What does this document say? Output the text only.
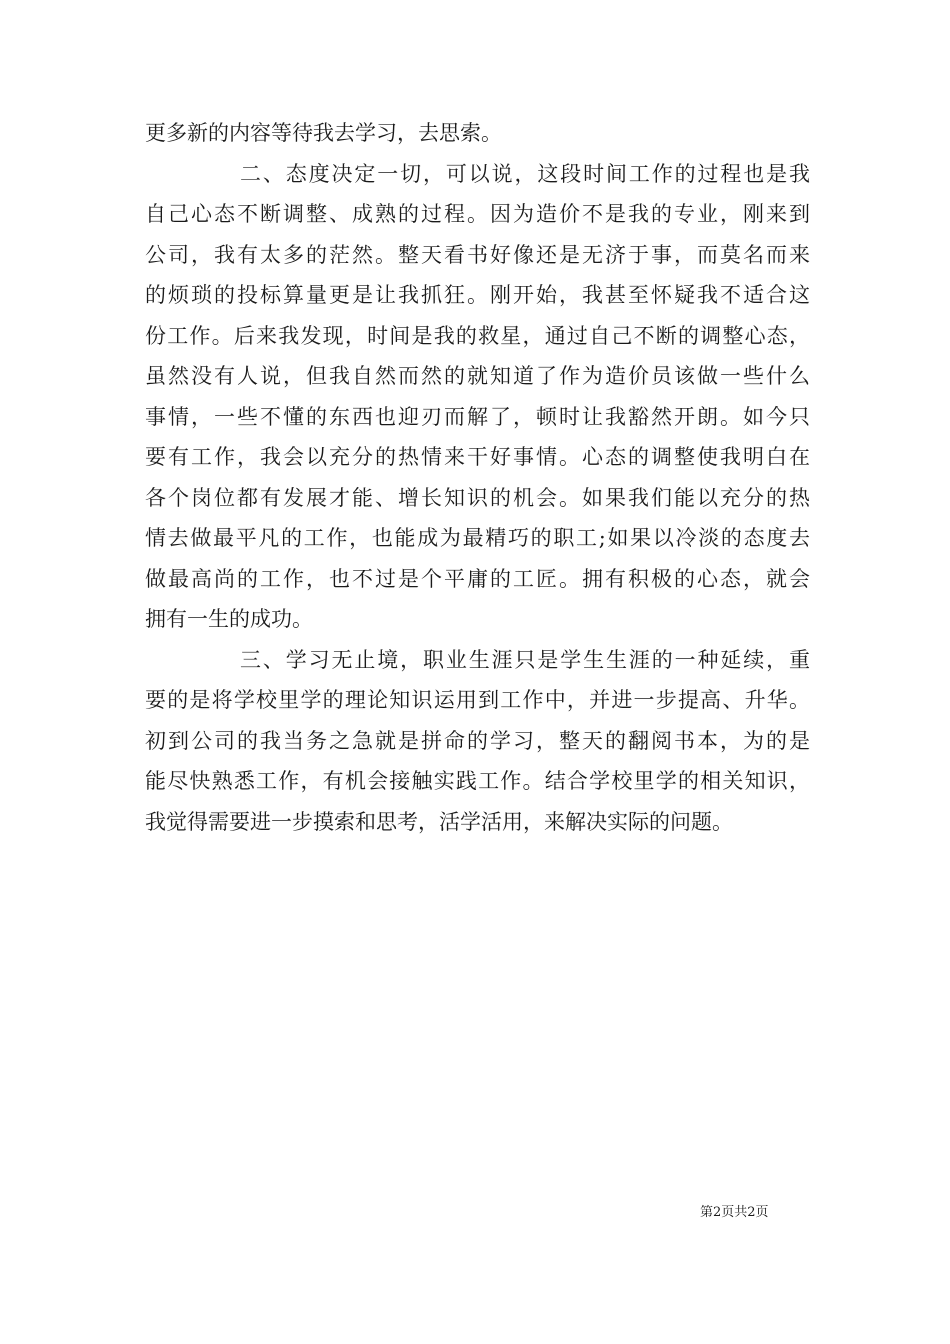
更多新的内容等待我去学习，去思索。
二、态度决定一切，可以说，这段时间工作的过程也是我
自己心态不断调整、成熟的过程。因为造价不是我的专业，刚来到
公司，我有太多的茫然。整天看书好像还是无济于事，而莫名而来
的烦琐的投标算量更是让我抓狂。刚开始，我甚至怀疑我不适合这
份工作。后来我发现，时间是我的救星，通过自己不断的调整心态，
虽然没有人说，但我自然而然的就知道了作为造价员该做一些什么
事情，一些不懂的东西也迎刃而解了，顿时让我豁然开朗。如今只
要有工作，我会以充分的热情来干好事情。心态的调整使我明白在
各个岗位都有发展才能、增长知识的机会。如果我们能以充分的热
情去做最平凡的工作，也能成为最精巧的职工;如果以冷淡的态度去
做最高尚的工作，也不过是个平庸的工匠。拥有积极的心态，就会
拥有一生的成功。
三、学习无止境，职业生涯只是学生生涯的一种延续，重
要的是将学校里学的理论知识运用到工作中，并进一步提高、升华。
初到公司的我当务之急就是拼命的学习，整天的翻阅书本，为的是
能尽快熟悉工作，有机会接触实践工作。结合学校里学的相关知识，
我觉得需要进一步摸索和思考，活学活用，来解决实际的问题。
第2页共2页
